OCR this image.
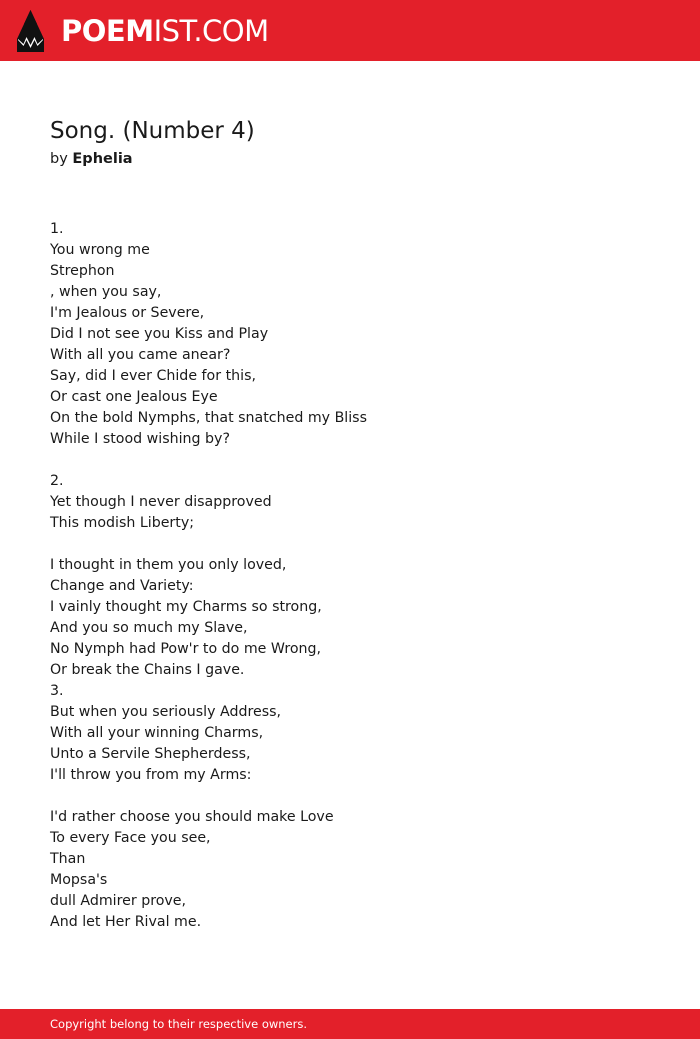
POEMIST.COM
Song. (Number 4)

by Ephelia

1.
You wrong me
Strephon
, when you say,
I'm Jealous or Severe,
Did I not see you Kiss and Play
With all you came anear?
Say, did I ever Chide for this,
Or cast one Jealous Eye
On the bold Nymphs, that snatched my Bliss
While I stood wishing by?
2.
Yet though I never disapproved
This modish Liberty;
I thought in them you only loved,
Change and Variety:
I vainly thought my Charms so strong,
And you so much my Slave,
No Nymph had Pow'r to do me Wrong,
Or break the Chains I gave.
3.
But when you seriously Address,
With all your winning Charms,
Unto a Servile Shepherdess,
I'll throw you from my Arms:
I'd rather choose you should make Love
To every Face you see,
Than
Mopsa's
dull Admirer prove,
And let Her Rival me.
Copyright belong to their respective owners.
